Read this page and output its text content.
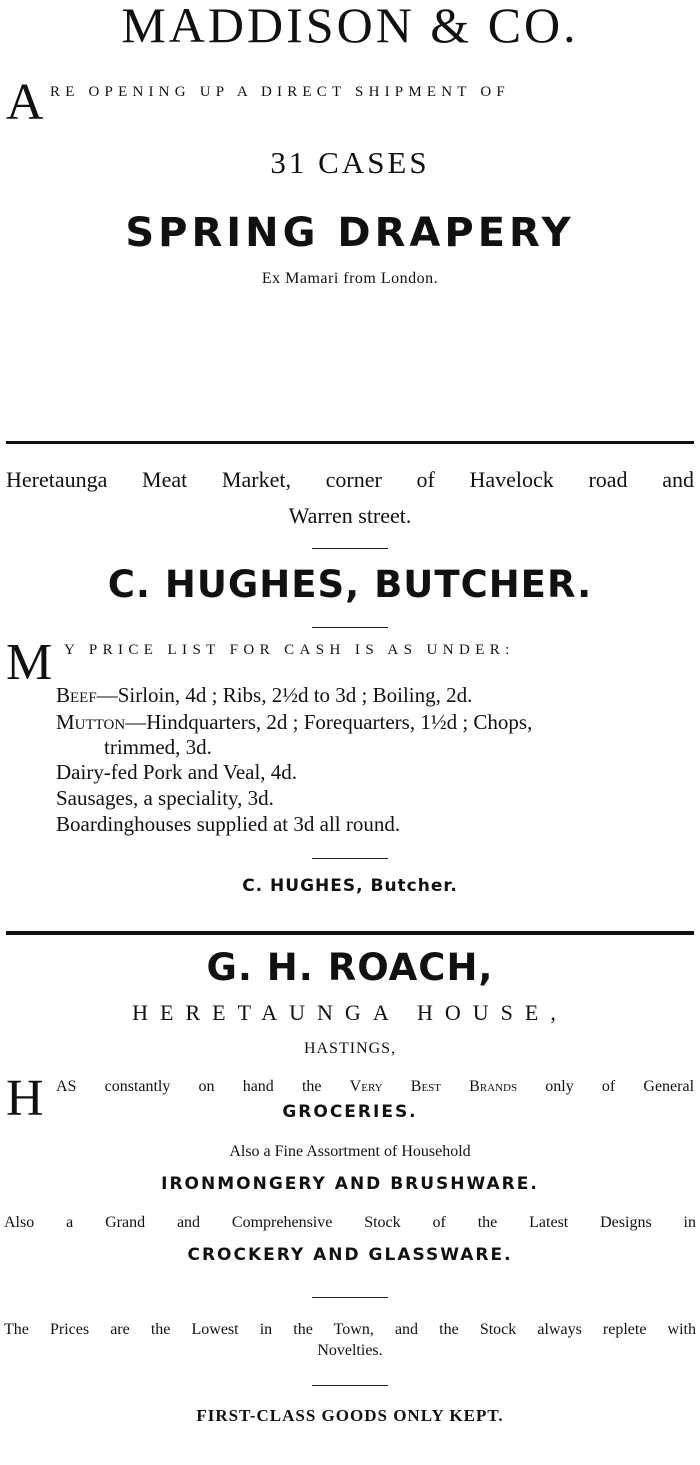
MADDISON & CO.
A RE OPENING UP A DIRECT SHIPMENT OF
31 CASES
SPRING DRAPERY
Ex Mamari from London.
Heretaunga Meat Market, corner of Havelock road and
Warren street.
C. HUGHES, BUTCHER.
M Y PRICE LIST FOR CASH IS AS UNDER:
Beef—Sirloin, 4d ; Ribs, 2½d to 3d ; Boiling, 2d.
Mutton—Hindquarters, 2d ; Forequarters, 1½d ; Chops,
trimmed, 3d.
Dairy-fed Pork and Veal, 4d.
Sausages, a speciality, 3d.
Boardinghouses supplied at 3d all round.
C. HUGHES, Butcher.
G. H. ROACH,
HERETAUNGA HOUSE,
HASTINGS,
H AS constantly on hand the Very Best Brands only of General
GROCERIES.
Also a Fine Assortment of Household
IRONMONGERY AND BRUSHWARE.
Also a Grand and Comprehensive Stock of the Latest Designs in
CROCKERY AND GLASSWARE.
The Prices are the Lowest in the Town, and the Stock always replete with
Novelties.
FIRST-CLASS GOODS ONLY KEPT.
